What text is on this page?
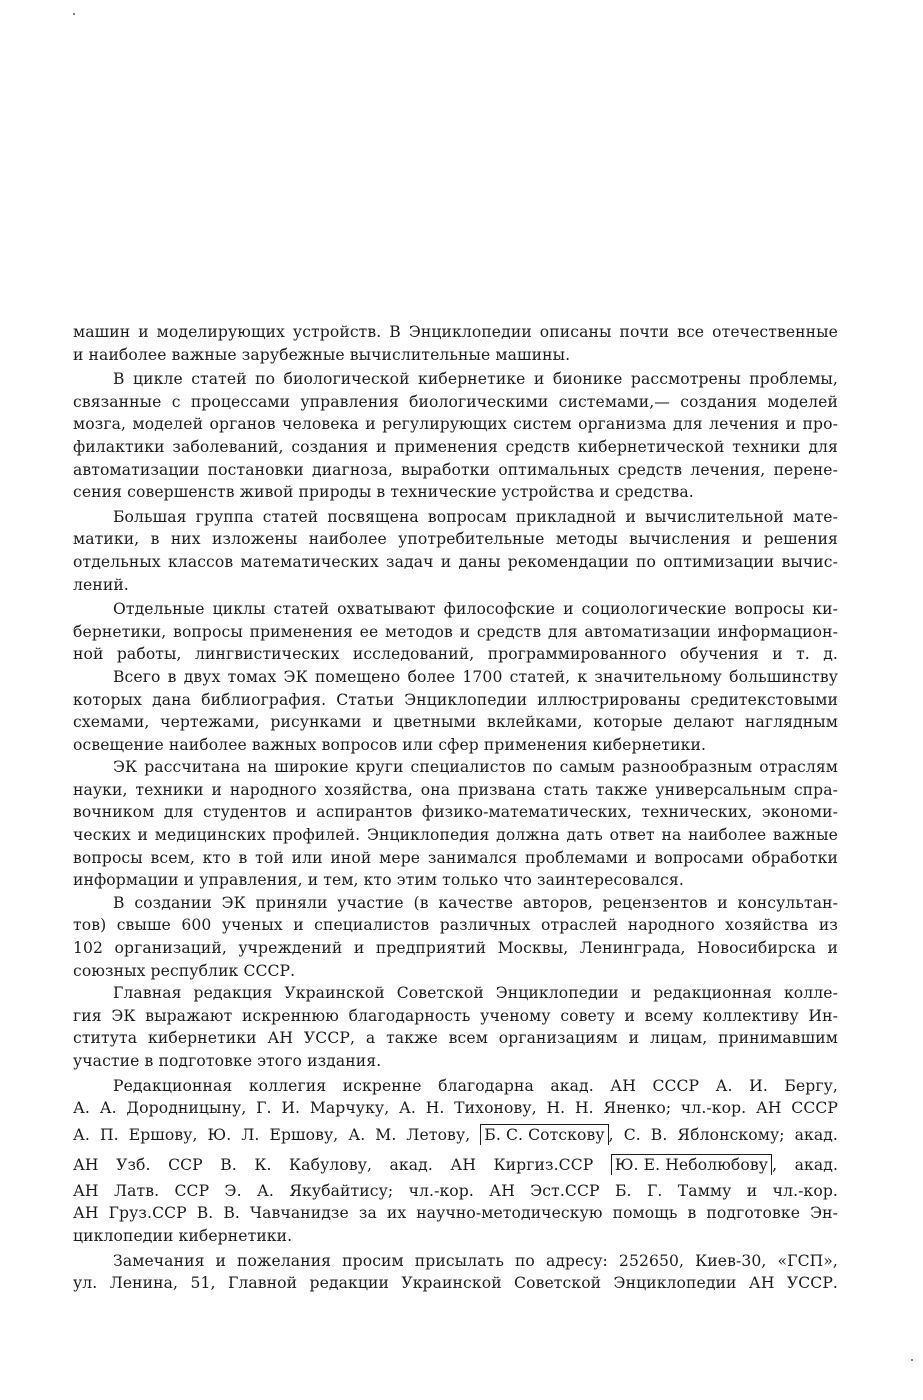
машин и моделирующих устройств. В Энциклопедии описаны почти все отечественные
и наиболее важные зарубежные вычислительные машины.

В цикле статей по биологической кибернетике и бионике рассмотрены проблемы,
связанные с процессами управления биологическими системами,— создания моделей
мозга, моделей органов человека и регулирующих систем организма для лечения и про-
филактики заболеваний, создания и применения средств кибернетической техники для
автоматизации постановки диагноза, выработки оптимальных средств лечения, перене-
сения совершенств живой природы в технические устройства и средства.

Большая группа статей посвящена вопросам прикладной и вычислительной мате-
матики, в них изложены наиболее употребительные методы вычисления и решения
отдельных классов математических задач и даны рекомендации по оптимизации вычис-
лений.

Отдельные циклы статей охватывают философские и социологические вопросы ки-
бернетики, вопросы применения ее методов и средств для автоматизации информацион-
ной работы, лингвистических исследований, программированного обучения и т. д.

Всего в двух томах ЭК помещено более 1700 статей, к значительному большинству
которых дана библиография. Статьи Энциклопедии иллюстрированы средитекстовыми
схемами, чертежами, рисунками и цветными вклейками, которые делают наглядным
освещение наиболее важных вопросов или сфер применения кибернетики.

ЭК рассчитана на широкие круги специалистов по самым разнообразным отраслям
науки, техники и народного хозяйства, она призвана стать также универсальным спра-
вочником для студентов и аспирантов физико-математических, технических, экономи-
ческих и медицинских профилей. Энциклопедия должна дать ответ на наиболее важные
вопросы всем, кто в той или иной мере занимался проблемами и вопросами обработки
информации и управления, и тем, кто этим только что заинтересовался.

В создании ЭК приняли участие (в качестве авторов, рецензентов и консультан-
тов) свыше 600 ученых и специалистов различных отраслей народного хозяйства из
102 организаций, учреждений и предприятий Москвы, Ленинграда, Новосибирска и
союзных республик СССР.

Главная редакция Украинской Советской Энциклопедии и редакционная колле-
гия ЭК выражают искреннюю благодарность ученому совету и всему коллективу Ин-
ститута кибернетики АН УССР, а также всем организациям и лицам, принимавшим
участие в подготовке этого издания.

Редакционная коллегия искренне благодарна акад. АН СССР А. И. Бергу,
А. А. Дородницыну, Г. И. Марчуку, А. Н. Тихонову, Н. Н. Яненко; чл.-кор. АН СССР
А. П. Ершову, Ю. Л. Ершову, А. М. Летову, Б. С. Сотскову , С. В. Яблонскому; акад.
АН Узб. ССР В. К. Кабулову, акад. АН Киргиз.ССР Ю. Е. Неболюбову , акад.
АН Латв. ССР Э. А. Якубайтису; чл.-кор. АН Эст.ССР Б. Г. Тамму и чл.-кор.
АН Груз.ССР В. В. Чавчанидзе за их научно-методическую помощь в подготовке Эн-
циклопедии кибернетики.

Замечания и пожелания просим присылать по адресу: 252650, Киев-30, «ГСП»,
ул. Ленина, 51, Главной редакции Украинской Советской Энциклопедии АН УССР.
